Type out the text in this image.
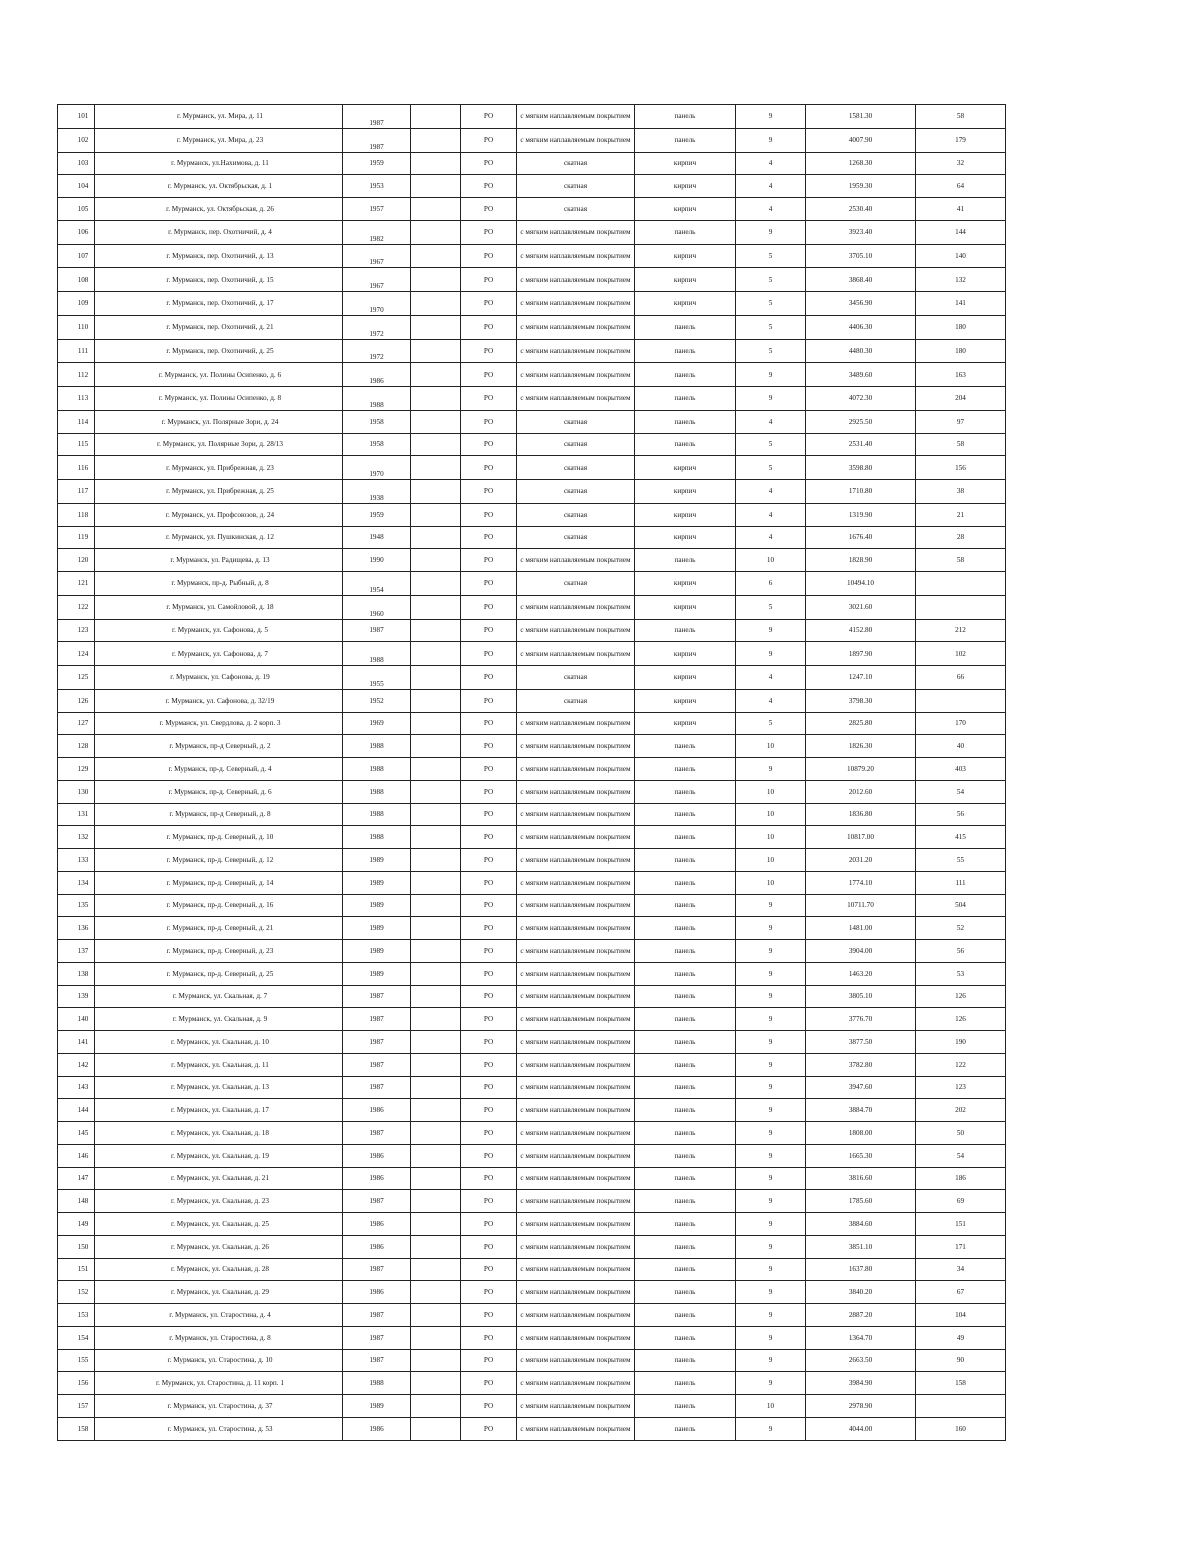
101	г. Мурманск, ул. Мира, д. 11	1987		РО	с мягким наплавляемым покрытием	панель	9	1581.30	58
102	г. Мурманск, ул. Мира, д. 23	1987		РО	с мягким наплавляемым покрытием	панель	9	4007.90	179
103	г. Мурманск, ул.Нахимова, д. 11	1959		РО	скатная	кирпич	4	1268.30	32
104	г. Мурманск, ул. Октябрьская, д. 1	1953		РО	скатная	кирпич	4	1959.30	64
105	г. Мурманск, ул. Октябрьская, д. 26	1957		РО	скатная	кирпич	4	2530.40	41
106	г. Мурманск, пер. Охотничий, д. 4	1982		РО	с мягким наплавляемым покрытием	панель	9	3923.40	144
107	г. Мурманск, пер. Охотничий, д. 13	1967		РО	с мягким наплавляемым покрытием	кирпич	5	3705.10	140
108	г. Мурманск, пер. Охотничий, д. 15	1967		РО	с мягким наплавляемым покрытием	кирпич	5	3868.40	132
109	г. Мурманск, пер. Охотничий, д. 17	1970		РО	с мягким наплавляемым покрытием	кирпич	5	3456.90	141
110	г. Мурманск, пер. Охотничий, д. 21	1972		РО	с мягким наплавляемым покрытием	панель	5	4406.30	180
111	г. Мурманск, пер. Охотничий, д. 25	1972		РО	с мягким наплавляемым покрытием	панель	5	4480.30	180
112	г. Мурманск, ул. Полины Осипенко, д. 6	1986		РО	с мягким наплавляемым покрытием	панель	9	3489.60	163
113	г. Мурманск, ул. Полины Осипенко, д. 8	1988		РО	с мягким наплавляемым покрытием	панель	9	4072.30	204
114	г. Мурманск, ул. Полярные Зори, д. 24	1958		РО	скатная	панель	4	2925.50	97
115	г. Мурманск, ул. Полярные Зори, д. 28/13	1958		РО	скатная	панель	5	2531.40	58
116	г. Мурманск, ул. Прибрежная, д. 23	1970		РО	скатная	кирпич	5	3598.80	156
117	г. Мурманск, ул. Прибрежная, д. 25	1938		РО	скатная	кирпич	4	1710.80	38
118	г. Мурманск, ул. Профсоюзов, д. 24	1959		РО	скатная	кирпич	4	1319.90	21
119	г. Мурманск, ул. Пушкинская, д. 12	1948		РО	скатная	кирпич	4	1676.40	28
120	г. Мурманск, ул. Радищева, д. 13	1990		РО	с мягким наплавляемым покрытием	панель	10	1828.90	58
121	г. Мурманск, пр-д. Рыбный, д. 8	1954		РО	скатная	кирпич	6	10494.10	
122	г. Мурманск, ул. Самойловой, д. 18	1960		РО	с мягким наплавляемым покрытием	кирпич	5	3021.60	
123	г. Мурманск, ул. Сафонова, д. 5	1987		РО	с мягким наплавляемым покрытием	панель	9	4152.80	212
124	г. Мурманск, ул. Сафонова, д. 7	1988		РО	с мягким наплавляемым покрытием	кирпич	9	1897.90	102
125	г. Мурманск, ул. Сафонова, д. 19	1955		РО	скатная	кирпич	4	1247.10	66
126	г. Мурманск, ул. Сафонова, д. 32/19	1952		РО	скатная	кирпич	4	3798.30	
127	г. Мурманск, ул. Свердлова, д. 2 корп. 3	1969		РО	с мягким наплавляемым покрытием	кирпич	5	2825.80	170
128	г. Мурманск, пр-д Северный, д. 2	1988		РО	с мягким наплавляемым покрытием	панель	10	1826.30	40
129	г. Мурманск, пр-д. Северный, д. 4	1988		РО	с мягким наплавляемым покрытием	панель	9	10879.20	403
130	г. Мурманск, пр-д. Северный, д. 6	1988		РО	с мягким наплавляемым покрытием	панель	10	2012.60	54
131	г. Мурманск, пр-д Северный, д. 8	1988		РО	с мягким наплавляемым покрытием	панель	10	1836.80	56
132	г. Мурманск, пр-д. Северный, д. 10	1988		РО	с мягким наплавляемым покрытием	панель	10	10817.00	415
133	г. Мурманск, пр-д. Северный, д. 12	1989		РО	с мягким наплавляемым покрытием	панель	10	2031.20	55
134	г. Мурманск, пр-д. Северный, д. 14	1989		РО	с мягким наплавляемым покрытием	панель	10	1774.10	111
135	г. Мурманск, пр-д. Северный, д. 16	1989		РО	с мягким наплавляемым покрытием	панель	9	10711.70	504
136	г. Мурманск, пр-д. Северный, д. 21	1989		РО	с мягким наплавляемым покрытием	панель	9	1481.00	52
137	г. Мурманск, пр-д. Северный, д. 23	1989		РО	с мягким наплавляемым покрытием	панель	9	3904.00	56
138	г. Мурманск, пр-д. Северный, д. 25	1989		РО	с мягким наплавляемым покрытием	панель	9	1463.20	53
139	г. Мурманск, ул. Скальная, д. 7	1987		РО	с мягким наплавляемым покрытием	панель	9	3805.10	126
140	г. Мурманск, ул. Скальная, д. 9	1987		РО	с мягким наплавляемым покрытием	панель	9	3776.70	126
141	г. Мурманск, ул. Скальная, д. 10	1987		РО	с мягким наплавляемым покрытием	панель	9	3877.50	190
142	г. Мурманск, ул. Скальная, д. 11	1987		РО	с мягким наплавляемым покрытием	панель	9	3782.80	122
143	г. Мурманск, ул. Скальная, д. 13	1987		РО	с мягким наплавляемым покрытием	панель	9	3947.60	123
144	г. Мурманск, ул. Скальная, д. 17	1986		РО	с мягким наплавляемым покрытием	панель	9	3884.70	202
145	г. Мурманск, ул. Скальная, д. 18	1987		РО	с мягким наплавляемым покрытием	панель	9	1808.00	50
146	г. Мурманск, ул. Скальная, д. 19	1986		РО	с мягким наплавляемым покрытием	панель	9	1665.30	54
147	г. Мурманск, ул. Скальная, д. 21	1986		РО	с мягким наплавляемым покрытием	панель	9	3816.60	186
148	г. Мурманск, ул. Скальная, д. 23	1987		РО	с мягким наплавляемым покрытием	панель	9	1785.60	69
149	г. Мурманск, ул. Скальная, д. 25	1986		РО	с мягким наплавляемым покрытием	панель	9	3884.60	151
150	г. Мурманск, ул. Скальная, д. 26	1986		РО	с мягким наплавляемым покрытием	панель	9	3851.10	171
151	г. Мурманск, ул. Скальная, д. 28	1987		РО	с мягким наплавляемым покрытием	панель	9	1637.80	34
152	г. Мурманск, ул. Скальная, д. 29	1986		РО	с мягким наплавляемым покрытием	панель	9	3840.20	67
153	г. Мурманск, ул. Старостина, д. 4	1987		РО	с мягким наплавляемым покрытием	панель	9	2887.20	104
154	г. Мурманск, ул. Старостина, д. 8	1987		РО	с мягким наплавляемым покрытием	панель	9	1364.70	49
155	г. Мурманск, ул. Старостина, д. 10	1987		РО	с мягким наплавляемым покрытием	панель	9	2663.50	90
156	г. Мурманск, ул. Старостина, д. 11 корп. 1	1988		РО	с мягким наплавляемым покрытием	панель	9	3984.90	158
157	г. Мурманск, ул. Старостина, д. 37	1989		РО	с мягким наплавляемым покрытием	панель	10	2978.90	
158	г. Мурманск, ул. Старостина, д. 53	1986		РО	с мягким наплавляемым покрытием	панель	9	4044.00	160
